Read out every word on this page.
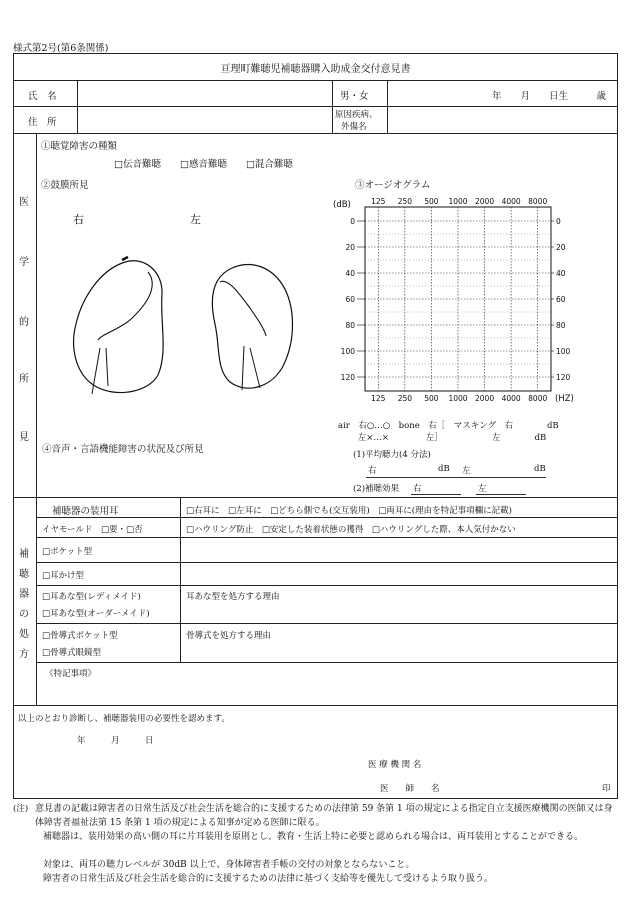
様式第2号(第6条関係)
亘理町難聴児補聴器購入助成金交付意見書
氏　名	男・女	年　　月　　日生　　　歳
住　所
原因疾病、
外傷名
医
学
的
所
見
①聴覚障害の種類
□伝音難聴　　□感音難聴　　□混合難聴
②鼓膜所見
右	左
④音声・言語機能障害の状況及び所見
③オージオグラム
125
125
250
250
500
500
1000
1000
2000
2000
4000
4000
8000
8000
0	0
20	20
40	40
60	60
80	80
100	100
120	120
(dB)
(HZ)
air　右○…○　bone　右［　マスキング　右　　　　dB
　　 左×…×　　　　 左］　　　　　　 左　　　　dB
(1)平均聴力(4 分法)
右	dB 左	dB
(2)補聴効果 右	左
補
聴
器
の
処
方
補聴器の装用耳	□右耳に　□左耳に　□どちら側でも(交互装用)　□両耳に(理由を特記事項欄に記載)
イヤモールド　□要・□否	□ハウリング防止　□安定した装着状態の獲得　□ハウリングした際、本人気付かない
□ポケット型
□耳かけ型
□耳あな型(レディメイド)
□耳あな型(オーダーメイド)
耳あな型を処方する理由
□骨導式ポケット型
□骨導式眼鏡型
骨導式を処方する理由
《特記事項》
以上のとおり診断し、補聴器装用の必要性を認めます。
年　　　月　　　日
医 療 機 関 名
医　　師　　名	印
(注) 意見書の記載は障害者の日常生活及び社会生活を総合的に支援するための法律第 59 条第 1 項の規定による指定自立支援医療機関の医師又は身体障害者福祉法第 15 条第 1 項の規定による知事が定める医師に限る。
補聴器は、装用効果の高い側の耳に片耳装用を原則とし、教育・生活上特に必要と認められる場合は、両耳装用とすることができる。
対象は、両耳の聴力レベルが 30dB 以上で、身体障害者手帳の交付の対象とならないこと。
障害者の日常生活及び社会生活を総合的に支援するための法律に基づく支給等を優先して受けるよう取り扱う。
